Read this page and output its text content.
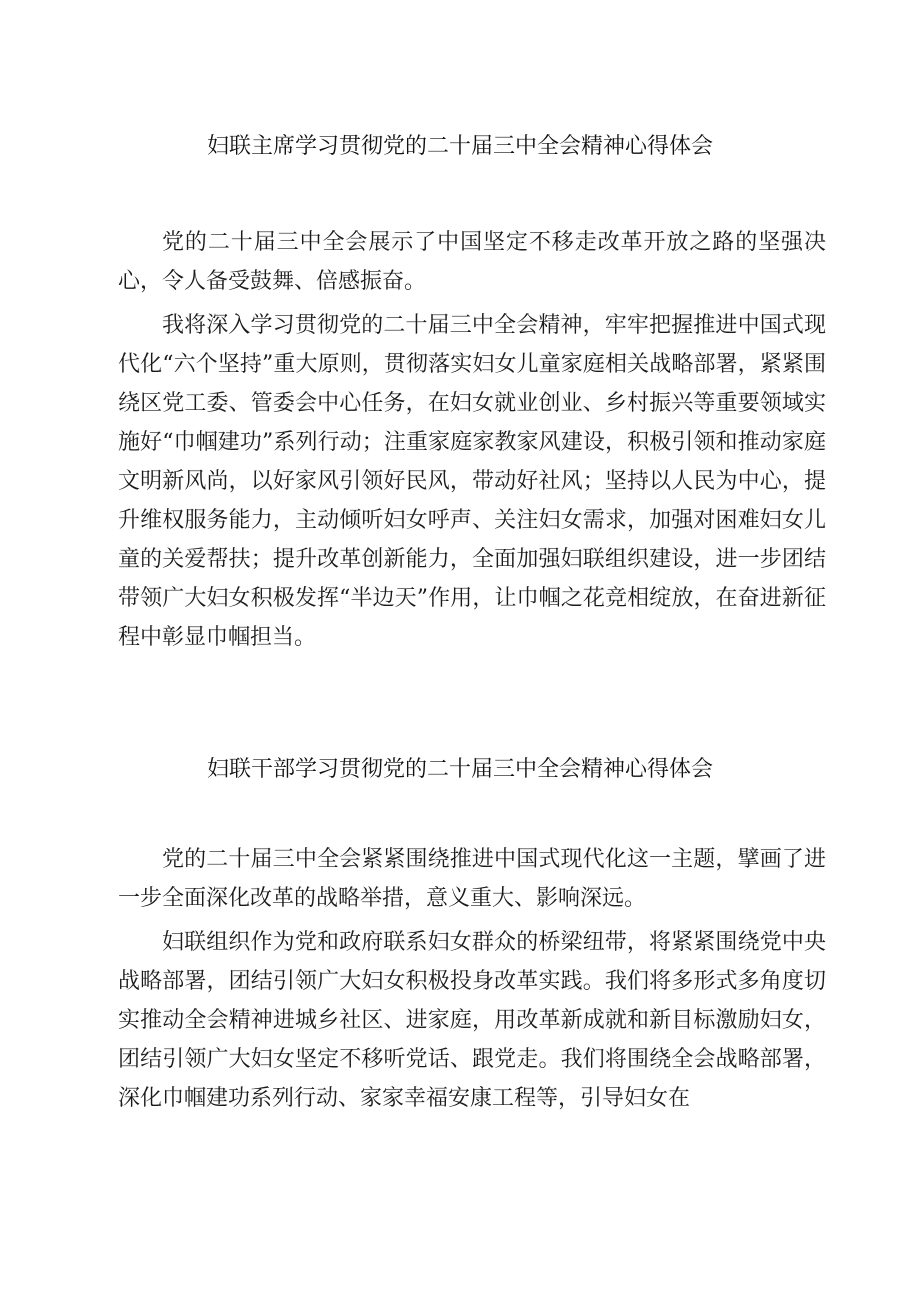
妇联主席学习贯彻党的二十届三中全会精神心得体会

党的二十届三中全会展示了中国坚定不移走改革开放之路的坚强决心，令人备受鼓舞、倍感振奋。

我将深入学习贯彻党的二十届三中全会精神，牢牢把握推进中国式现代化“六个坚持”重大原则，贯彻落实妇女儿童家庭相关战略部署，紧紧围绕区党工委、管委会中心任务，在妇女就业创业、乡村振兴等重要领域实施好“巾帼建功”系列行动；注重家庭家教家风建设，积极引领和推动家庭文明新风尚，以好家风引领好民风，带动好社风；坚持以人民为中心，提升维权服务能力，主动倾听妇女呼声、关注妇女需求，加强对困难妇女儿童的关爱帮扶；提升改革创新能力，全面加强妇联组织建设，进一步团结带领广大妇女积极发挥“半边天”作用，让巾帼之花竞相绽放，在奋进新征程中彰显巾帼担当。

妇联干部学习贯彻党的二十届三中全会精神心得体会

党的二十届三中全会紧紧围绕推进中国式现代化这一主题，擘画了进一步全面深化改革的战略举措，意义重大、影响深远。

妇联组织作为党和政府联系妇女群众的桥梁纽带，将紧紧围绕党中央战略部署，团结引领广大妇女积极投身改革实践。我们将多形式多角度切实推动全会精神进城乡社区、进家庭，用改革新成就和新目标激励妇女，团结引领广大妇女坚定不移听党话、跟党走。我们将围绕全会战略部署，深化巾帼建功系列行动、家家幸福安康工程等，引导妇女在
